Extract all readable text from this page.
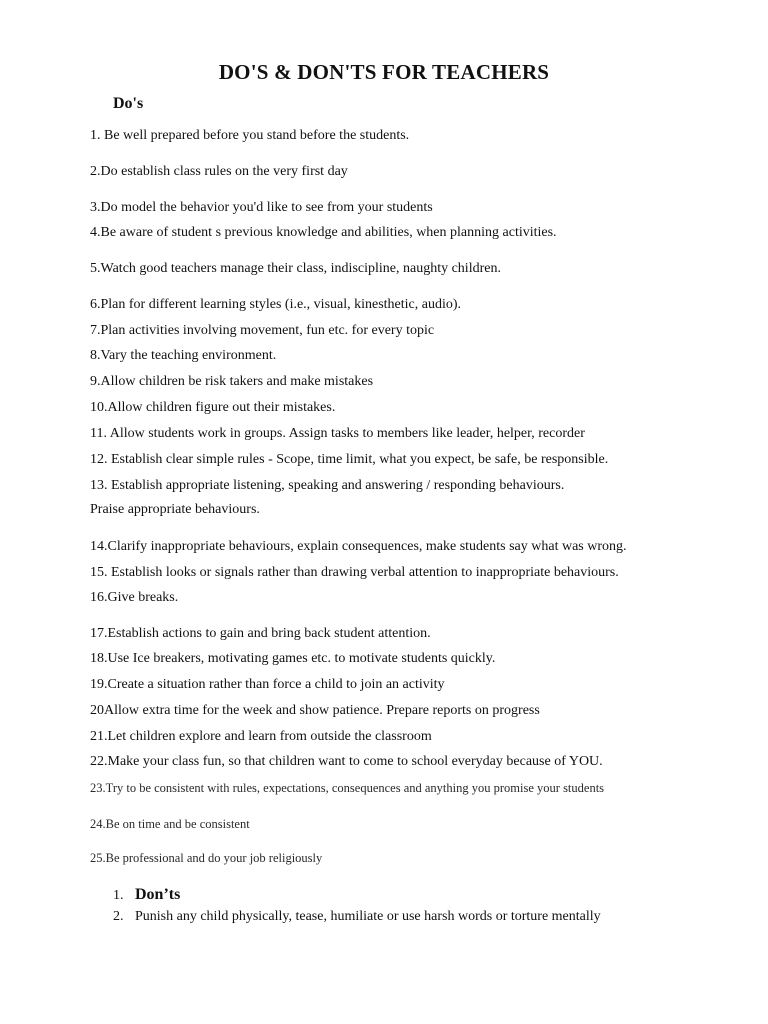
DO'S & DON'TS FOR TEACHERS
Do's
1. Be well prepared before you stand before the students.
2.Do establish class rules on the very first day
3.Do model the behavior you'd like to see from your students
4.Be aware of student s previous knowledge and abilities, when planning activities.
5.Watch good teachers manage their class, indiscipline, naughty children.
6.Plan for different learning styles (i.e., visual, kinesthetic, audio).
7.Plan activities involving movement, fun etc. for every topic
8.Vary the teaching environment.
9.Allow children be risk takers and make mistakes
10.Allow children figure out their mistakes.
11. Allow students work in groups. Assign tasks to members like leader, helper, recorder
12. Establish clear simple rules - Scope, time limit, what you expect, be safe, be responsible.
13. Establish appropriate listening, speaking and answering / responding behaviours.
Praise appropriate behaviours.
14.Clarify inappropriate behaviours, explain consequences, make students say what was wrong.
15. Establish looks or signals rather than drawing verbal attention to inappropriate behaviours.
16.Give breaks.
17.Establish actions to gain and bring back student attention.
18.Use Ice breakers, motivating games etc. to motivate students quickly.
19.Create a situation rather than force a child to join an activity
20Allow extra time for the week and show patience. Prepare reports on progress
21.Let children explore and learn from outside the classroom
22.Make your class fun, so that children want to come to school everyday because of YOU.
23.Try to be consistent with rules, expectations, consequences and anything you promise your students
24.Be on time and be consistent
25.Be professional and do your job religiously
1. Don’ts
2. Punish any child physically, tease, humiliate or use harsh words or torture mentally
